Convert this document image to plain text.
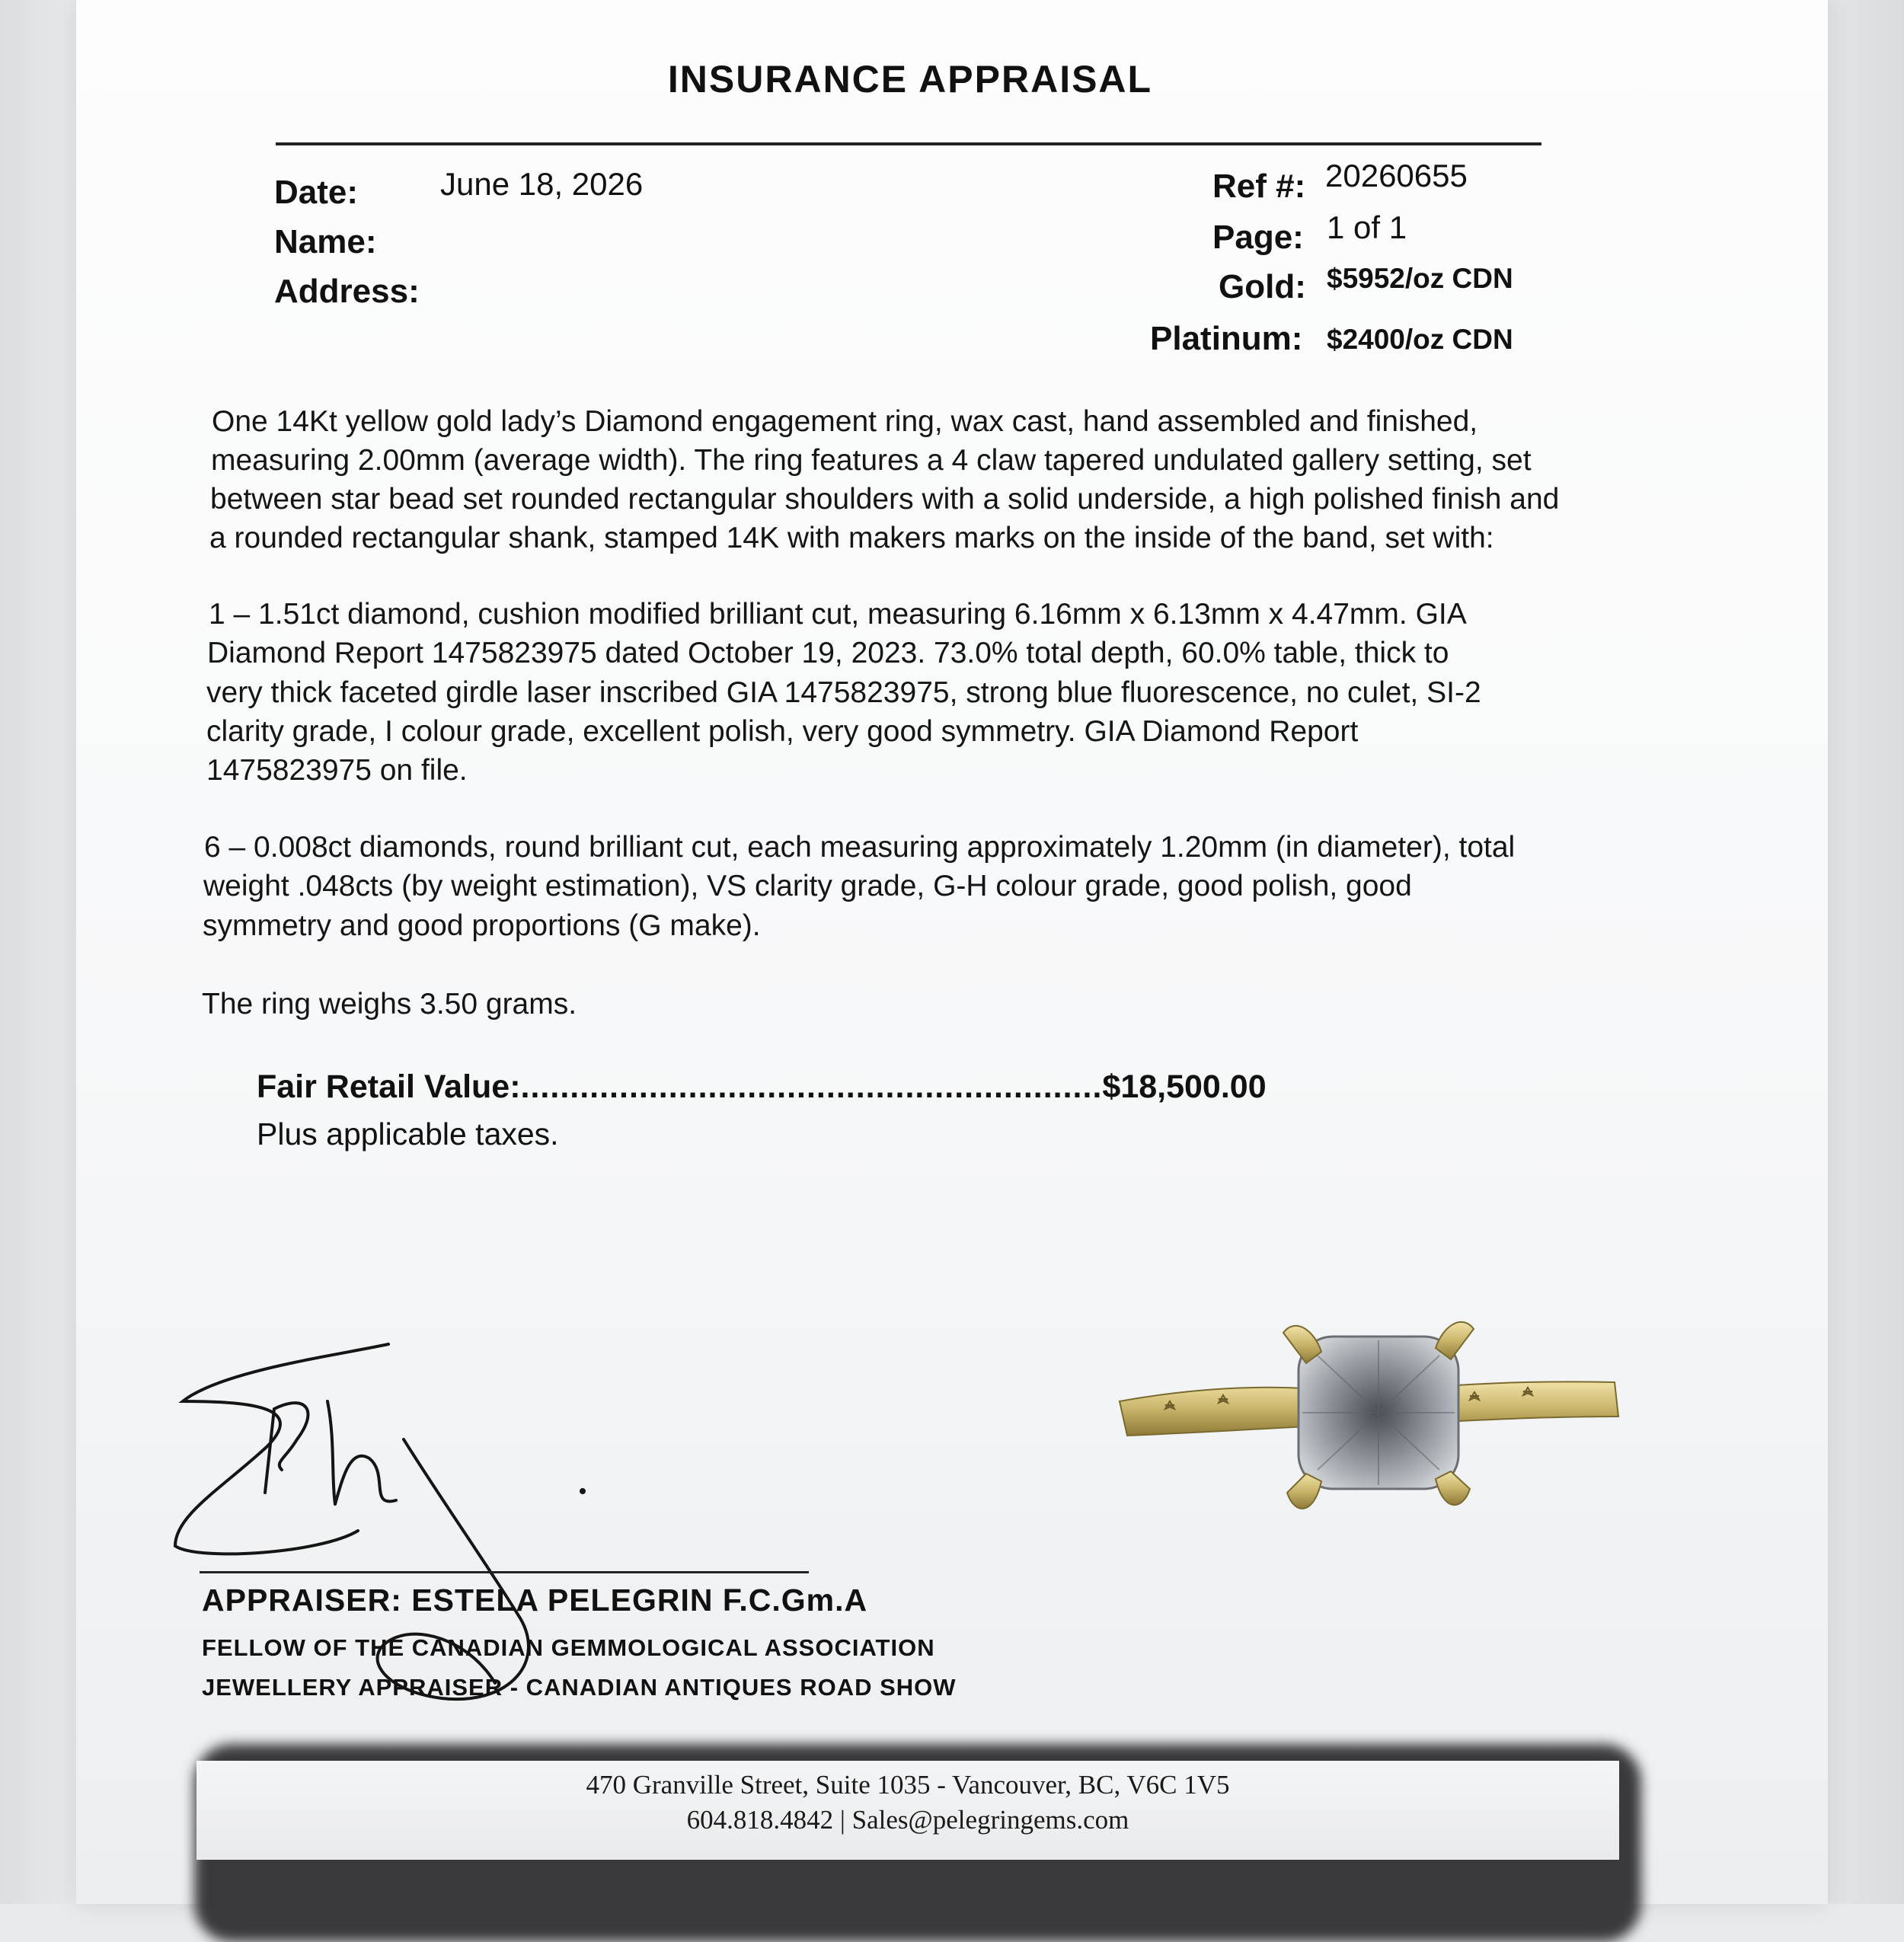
INSURANCE APPRAISAL
Date:	June 18, 2026
Name:
Address:
Ref #: 20260655
Page: 1 of 1
Gold: $5952/oz CDN
Platinum: $2400/oz CDN
One 14Kt yellow gold lady’s Diamond engagement ring, wax cast, hand assembled and finished,
measuring 2.00mm (average width). The ring features a 4 claw tapered undulated gallery setting, set
between star bead set rounded rectangular shoulders with a solid underside, a high polished finish and
a rounded rectangular shank, stamped 14K with makers marks on the inside of the band, set with:
1 – 1.51ct diamond, cushion modified brilliant cut, measuring 6.16mm x 6.13mm x 4.47mm. GIA
Diamond Report 1475823975 dated October 19, 2023. 73.0% total depth, 60.0% table, thick to
very thick faceted girdle laser inscribed GIA 1475823975, strong blue fluorescence, no culet, SI-2
clarity grade, I colour grade, excellent polish, very good symmetry. GIA Diamond Report
1475823975 on file.
6 – 0.008ct diamonds, round brilliant cut, each measuring approximately 1.20mm (in diameter), total
weight .048cts (by weight estimation), VS clarity grade, G-H colour grade, good polish, good
symmetry and good proportions (G make).
The ring weighs 3.50 grams.
Fair Retail Value:...........................................................$18,500.00
Plus applicable taxes.
APPRAISER: ESTELA PELEGRIN F.C.Gm.A
FELLOW OF THE CANADIAN GEMMOLOGICAL ASSOCIATION
JEWELLERY APPRAISER - CANADIAN ANTIQUES ROAD SHOW
470 Granville Street, Suite 1035 - Vancouver, BC, V6C 1V5
604.818.4842 | Sales@pelegringems.com
